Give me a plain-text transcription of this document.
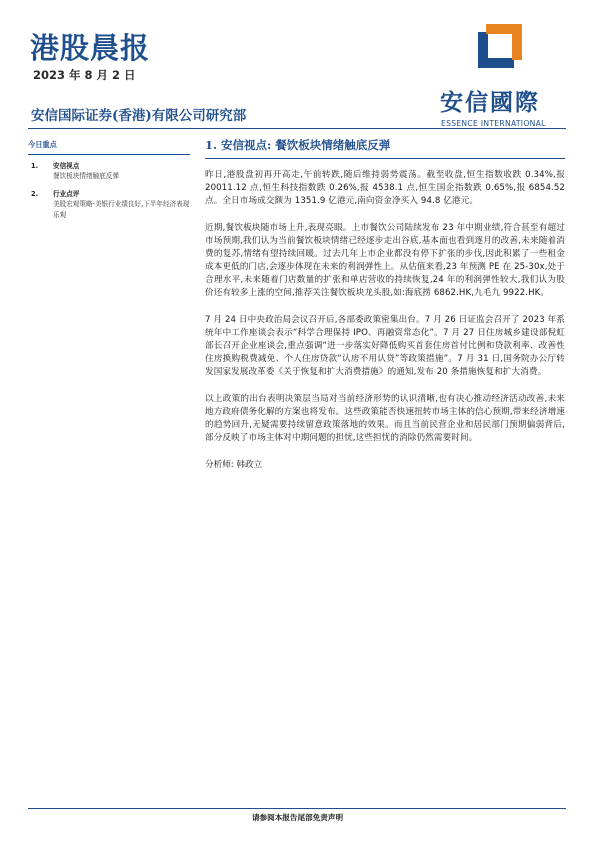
港股晨报
2023 年 8 月 2 日
安信国际证券(香港)有限公司研究部	安信國際
ESSENCE INTERNATIONAL
今日重点
1.	安信视点
餐饮板块情绪触底反弹
2.	行业点评
美股宏观策略-美银行业绩良好,下半年经济表现乐观
1. 安信视点: 餐饮板块情绪触底反弹

昨日,港股盘初再开高走,午前转跌,随后维持弱势震荡。截至收盘,恒生指数收跌 0.34%,报 20011.12 点,恒生科技指数跌 0.26%,报 4538.1 点,恒生国企指数跌 0.65%,报 6854.52 点。全日市场成交额为 1351.9 亿港元,南向资金净买入 94.8 亿港元。

近期,餐饮板块随市场上升,表现亮眼。上市餐饮公司陆续发布 23 年中期业绩,符合甚至有超过市场预期,我们认为当前餐饮板块情绪已经逐步走出谷底,基本面也看到逐月的改善,未来随着消费的复苏,情绪有望持续回暖。过去几年上市企业都没有停下扩张的步伐,因此积累了一些租金成本更低的门店,会逐步体现在未来的利润弹性上。从估值来看,23 年预测 PE 在 25-30x,处于合理水平,未来随着门店数量的扩张和单店营收的持续恢复,24 年的利润弹性较大,我们认为股价还有较多上涨的空间,推荐关注餐饮板块龙头股,如:海底捞 6862.HK,九毛九 9922.HK。

7 月 24 日中央政治局会议召开后,各部委政策密集出台。7 月 26 日证监会召开了 2023 年系统年中工作座谈会表示“科学合理保持 IPO、再融资常态化”。7 月 27 日住房城乡建设部倪虹部长召开企业座谈会,重点强调“进一步落实好降低购买首套住房首付比例和贷款利率、改善性住房换购税费减免、个人住房贷款“认房不用认贷”等政策措施”。7 月 31 日,国务院办公厅转发国家发展改革委《关于恢复和扩大消费措施》的通知,发布 20 条措施恢复和扩大消费。

以上政策的出台表明决策层当局对当前经济形势的认识清晰,也有决心推动经济活动改善,未来地方政府债务化解的方案也将发布。这些政策能否快速扭转市场主体的信心预期,带来经济增速的趋势回升,无疑需要持续留意政策落地的效果。而且当前民营企业和居民部门预期偏弱背后,部分反映了市场主体对中期问题的担忧,这些担忧的消除仍然需要时间。

分析师: 韩政立
请参阅本报告尾部免责声明
